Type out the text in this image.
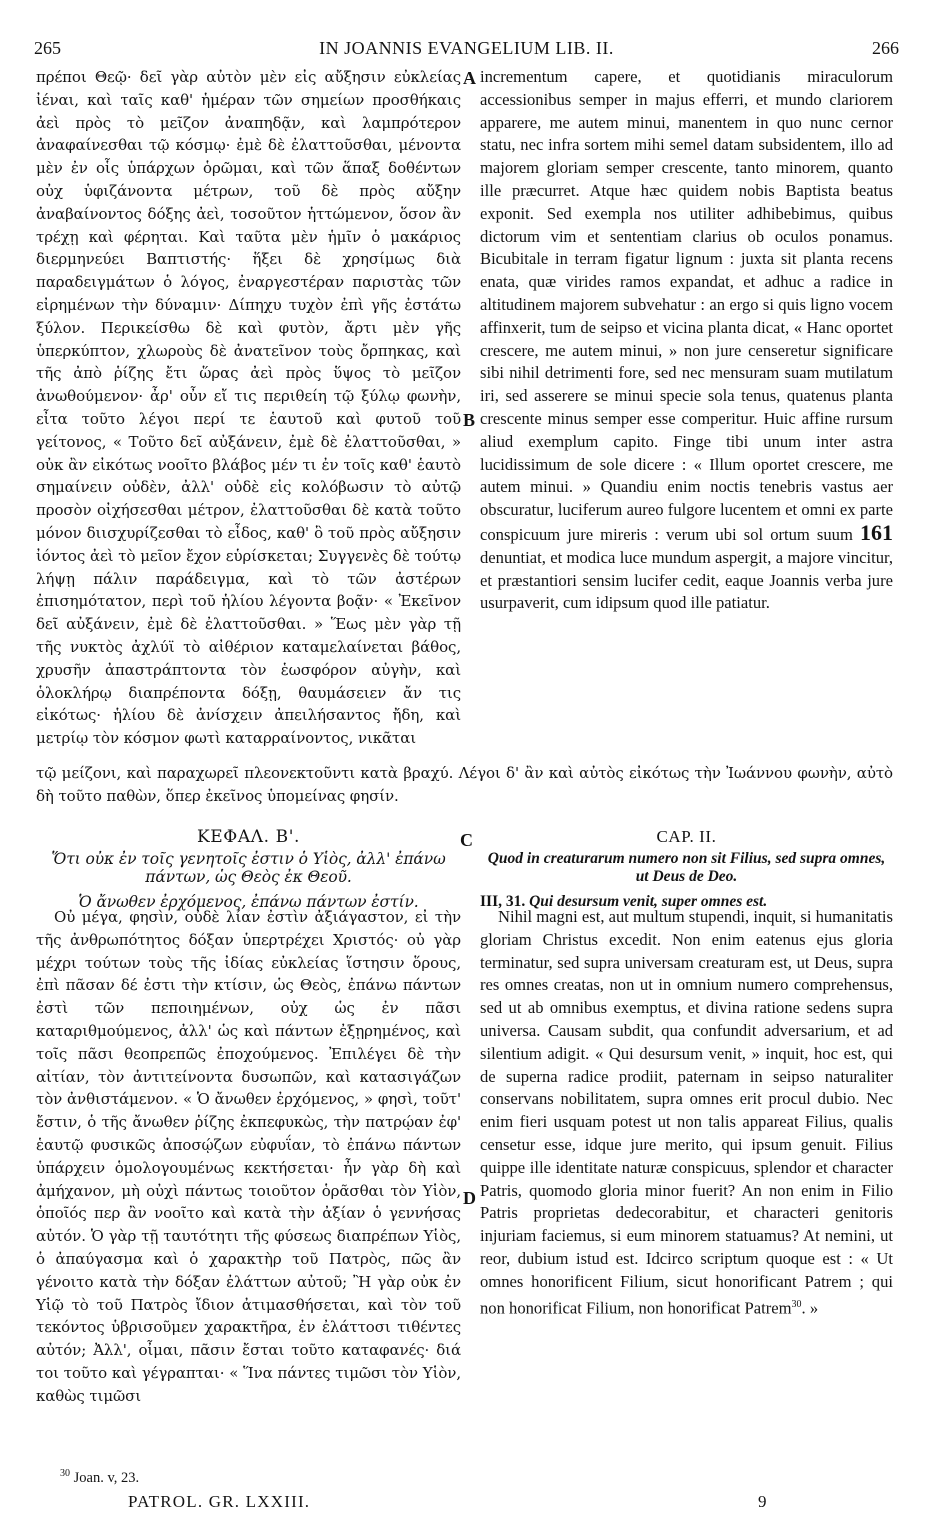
265	IN JOANNIS EVANGELIUM LIB. II.	266
A
B
C
D

πρέποι Θεῷ· δεῖ γὰρ αὐτὸν μὲν εἰς αὔξησιν εὐκλείας ἰέναι, καὶ ταῖς καθ' ἡμέραν τῶν σημείων προσθήκαις ἀεὶ πρὸς τὸ μεῖζον ἀναπηδᾷν, καὶ λαμπρότερον ἀναφαίνεσθαι τῷ κόσμῳ· ἐμὲ δὲ ἐλαττοῦσθαι, μένοντα μὲν ἐν οἷς ὑπάρχων ὁρῶμαι, καὶ τῶν ἅπαξ δοθέντων οὐχ ὑφιζάνοντα μέτρων, τοῦ δὲ πρὸς αὔξην ἀναβαίνοντος δόξης ἀεὶ, τοσοῦτον ἡττώμενον, ὅσον ἂν τρέχῃ καὶ φέρηται. Καὶ ταῦτα μὲν ἡμῖν ὁ μακάριος διερμηνεύει Βαπτιστής· ἥξει δὲ χρησίμως διὰ παραδειγμάτων ὁ λόγος, ἐναργεστέραν παριστὰς τῶν εἰρημένων τὴν δύναμιν· Δίπηχυ τυχὸν ἐπὶ γῆς ἐστάτω ξύλον. Περικείσθω δὲ καὶ φυτὸν, ἄρτι μὲν γῆς ὑπερκύπτον, χλωροὺς δὲ ἀνατεῖνον τοὺς ὄρπηκας, καὶ τῆς ἀπὸ ῥίζης ἔτι ὥρας ἀεὶ πρὸς ὕψος τὸ μεῖζον ἀνωθούμενον· ἆρ' οὖν εἴ τις περιθείη τῷ ξύλῳ φωνὴν, εἶτα τοῦτο λέγοι περί τε ἑαυτοῦ καὶ φυτοῦ τοῦ γείτονος, « Τοῦτο δεῖ αὐξάνειν, ἐμὲ δὲ ἐλαττοῦσθαι, » οὐκ ἂν εἰκότως νοοῖτο βλάβος μέν τι ἐν τοῖς καθ' ἑαυτὸ σημαίνειν οὐδὲν, ἀλλ' οὐδὲ εἰς κολόβωσιν τὸ αὐτῷ προσὸν οἰχήσεσθαι μέτρον, ἐλαττοῦσθαι δὲ κατὰ τοῦτο μόνον διισχυρίζεσθαι τὸ εἶδος, καθ' ὃ τοῦ πρὸς αὔξησιν ἰόντος ἀεὶ τὸ μεῖον ἔχον εὑρίσκεται; Συγγενὲς δὲ τούτῳ λήψῃ πάλιν παράδειγμα, καὶ τὸ τῶν ἀστέρων ἐπισημότατον, περὶ τοῦ ἡλίου λέγοντα βοᾷν· « Ἐκεῖνον δεῖ αὐξάνειν, ἐμὲ δὲ ἐλαττοῦσθαι. » Ἕως μὲν γὰρ τῇ τῆς νυκτὸς ἀχλύϊ τὸ αἰθέριον καταμελαίνεται βάθος, χρυσῆν ἀπαστράπτοντα τὸν ἑωσφόρον αὐγὴν, καὶ ὁλοκλήρῳ διαπρέποντα δόξῃ, θαυμάσειεν ἄν τις εἰκότως· ἡλίου δὲ ἀνίσχειν ἀπειλήσαντος ἤδη, καὶ μετρίῳ τὸν κόσμον φωτὶ καταρραίνοντος, νικᾶται

incrementum capere, et quotidianis miraculorum accessionibus semper in majus efferri, et mundo clariorem apparere, me autem minui, manentem in quo nunc cernor statu, nec infra sortem mihi semel datam subsidentem, illo ad majorem gloriam semper crescente, tanto minorem, quanto ille præcurret. Atque hæc quidem nobis Baptista beatus exponit. Sed exempla nos utiliter adhibebimus, quibus dictorum vim et sententiam clarius ob oculos ponamus. Bicubitale in terram figatur lignum : juxta sit planta recens enata, quæ virides ramos expandat, et adhuc a radice in altitudinem majorem subvehatur : an ergo si quis ligno vocem affinxerit, tum de seipso et vicina planta dicat, « Hanc oportet crescere, me autem minui, » non jure censeretur significare sibi nihil detrimenti fore, sed nec mensuram suam mutilatum iri, sed asserere se minui specie sola tenus, quatenus planta crescente minus semper esse comperitur. Huic affine rursum aliud exemplum capito. Finge tibi unum inter astra lucidissimum de sole dicere : « Illum oportet crescere, me autem minui. » Quandiu enim noctis tenebris vastus aer obscuratur, luciferum aureo fulgore lucentem et omni ex parte conspicuum jure mireris : verum ubi sol ortum suum 161 denuntiat, et modica luce mundum aspergit, a majore vincitur, et præstantiori sensim lucifer cedit, eaque Joannis verba jure usurpaverit, cum idipsum quod ille patiatur.

τῷ μείζονι, καὶ παραχωρεῖ πλεονεκτοῦντι κατὰ βραχύ. Λέγοι δ' ἂν καὶ αὐτὸς εἰκότως τὴν Ἰωάννου φωνὴν, αὐτὸ δὴ τοῦτο παθὼν, ὅπερ ἐκεῖνος ὑπομείνας φησίν.

ΚΕΦΑΛ. Β'.

Ὅτι οὐκ ἐν τοῖς γενητοῖς ἐστιν ὁ Υἱὸς, ἀλλ' ἐπάνω πάντων, ὡς Θεὸς ἐκ Θεοῦ.

Ὁ ἄνωθεν ἐρχόμενος, ἐπάνω πάντων ἐστίν.

CAP. II.

Quod in creaturarum numero non sit Filius, sed supra omnes, ut Deus de Deo.

III, 31. Qui desursum venit, super omnes est.

Οὐ μέγα, φησὶν, οὐδὲ λίαν ἐστὶν ἀξιάγαστον, εἰ τὴν τῆς ἀνθρωπότητος δόξαν ὑπερτρέχει Χριστός· οὐ γὰρ μέχρι τούτων τοὺς τῆς ἰδίας εὐκλείας ἵστησιν ὅρους, ἐπὶ πᾶσαν δέ ἐστι τὴν κτίσιν, ὡς Θεὸς, ἐπάνω πάντων ἐστὶ τῶν πεποιημένων, οὐχ ὡς ἐν πᾶσι καταριθμούμενος, ἀλλ' ὡς καὶ πάντων ἐξῃρημένος, καὶ τοῖς πᾶσι θεοπρεπῶς ἐποχούμενος. Ἐπιλέγει δὲ τὴν αἰτίαν, τὸν ἀντιτείνοντα δυσωπῶν, καὶ κατασιγάζων τὸν ἀνθιστάμενον. « Ὁ ἄνωθεν ἐρχόμενος, » φησὶ, τοῦτ' ἔστιν, ὁ τῆς ἄνωθεν ῥίζης ἐκπεφυκὼς, τὴν πατρῴαν ἐφ' ἑαυτῷ φυσικῶς ἀποσῴζων εὐφυΐαν, τὸ ἐπάνω πάντων ὑπάρχειν ὁμολογουμένως κεκτήσεται· ἦν γὰρ δὴ καὶ ἀμήχανον, μὴ οὐχὶ πάντως τοιοῦτον ὁρᾶσθαι τὸν Υἱὸν, ὁποῖός περ ἂν νοοῖτο καὶ κατὰ τὴν ἀξίαν ὁ γεννήσας αὐτόν. Ὁ γὰρ τῇ ταυτότητι τῆς φύσεως διαπρέπων Υἱὸς, ὁ ἀπαύγασμα καὶ ὁ χαρακτὴρ τοῦ Πατρὸς, πῶς ἂν γένοιτο κατὰ τὴν δόξαν ἐλάττων αὐτοῦ; Ἢ γὰρ οὐκ ἐν Υἱῷ τὸ τοῦ Πατρὸς ἴδιον ἀτιμασθήσεται, καὶ τὸν τοῦ τεκόντος ὑβρισοῦμεν χαρακτῆρα, ἐν ἐλάττοσι τιθέντες αὐτόν; Ἀλλ', οἶμαι, πᾶσιν ἔσται τοῦτο καταφανές· διά τοι τοῦτο καὶ γέγραπται· « Ἵνα πάντες τιμῶσι τὸν Υἱὸν, καθὼς τιμῶσι

Nihil magni est, aut multum stupendi, inquit, si humanitatis gloriam Christus excedit. Non enim eatenus ejus gloria terminatur, sed supra universam creaturam est, ut Deus, supra res omnes creatas, non ut in omnium numero comprehensus, sed ut ab omnibus exemptus, et divina ratione sedens supra universa. Causam subdit, qua confundit adversarium, et ad silentium adigit. « Qui desursum venit, » inquit, hoc est, qui de superna radice prodiit, paternam in seipso naturaliter conservans nobilitatem, supra omnes erit procul dubio. Nec enim fieri usquam potest ut non talis appareat Filius, qualis censetur esse, idque jure merito, qui ipsum genuit. Filius quippe ille identitate naturæ conspicuus, splendor et character Patris, quomodo gloria minor fuerit? An non enim in Filio Patris proprietas dedecorabitur, et characteri genitoris injuriam faciemus, si eum minorem statuamus? At nemini, ut reor, dubium istud est. Idcirco scriptum quoque est : « Ut omnes honorificent Filium, sicut honorificant Patrem ; qui non honorificat Filium, non honorificat Patrem$^{30}$. »

$^{30}$ Joan. v, 23.
PATROL. GR. LXXIII.	9
